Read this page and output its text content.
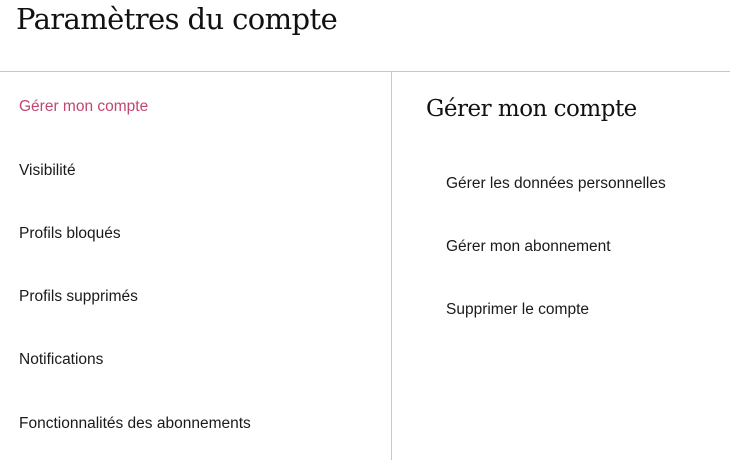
Paramètres du compte
Gérer mon compte
Visibilité
Profils bloqués
Profils supprimés
Notifications
Fonctionnalités des abonnements
Gérer mon compte
Gérer les données personnelles
Gérer mon abonnement
Supprimer le compte
